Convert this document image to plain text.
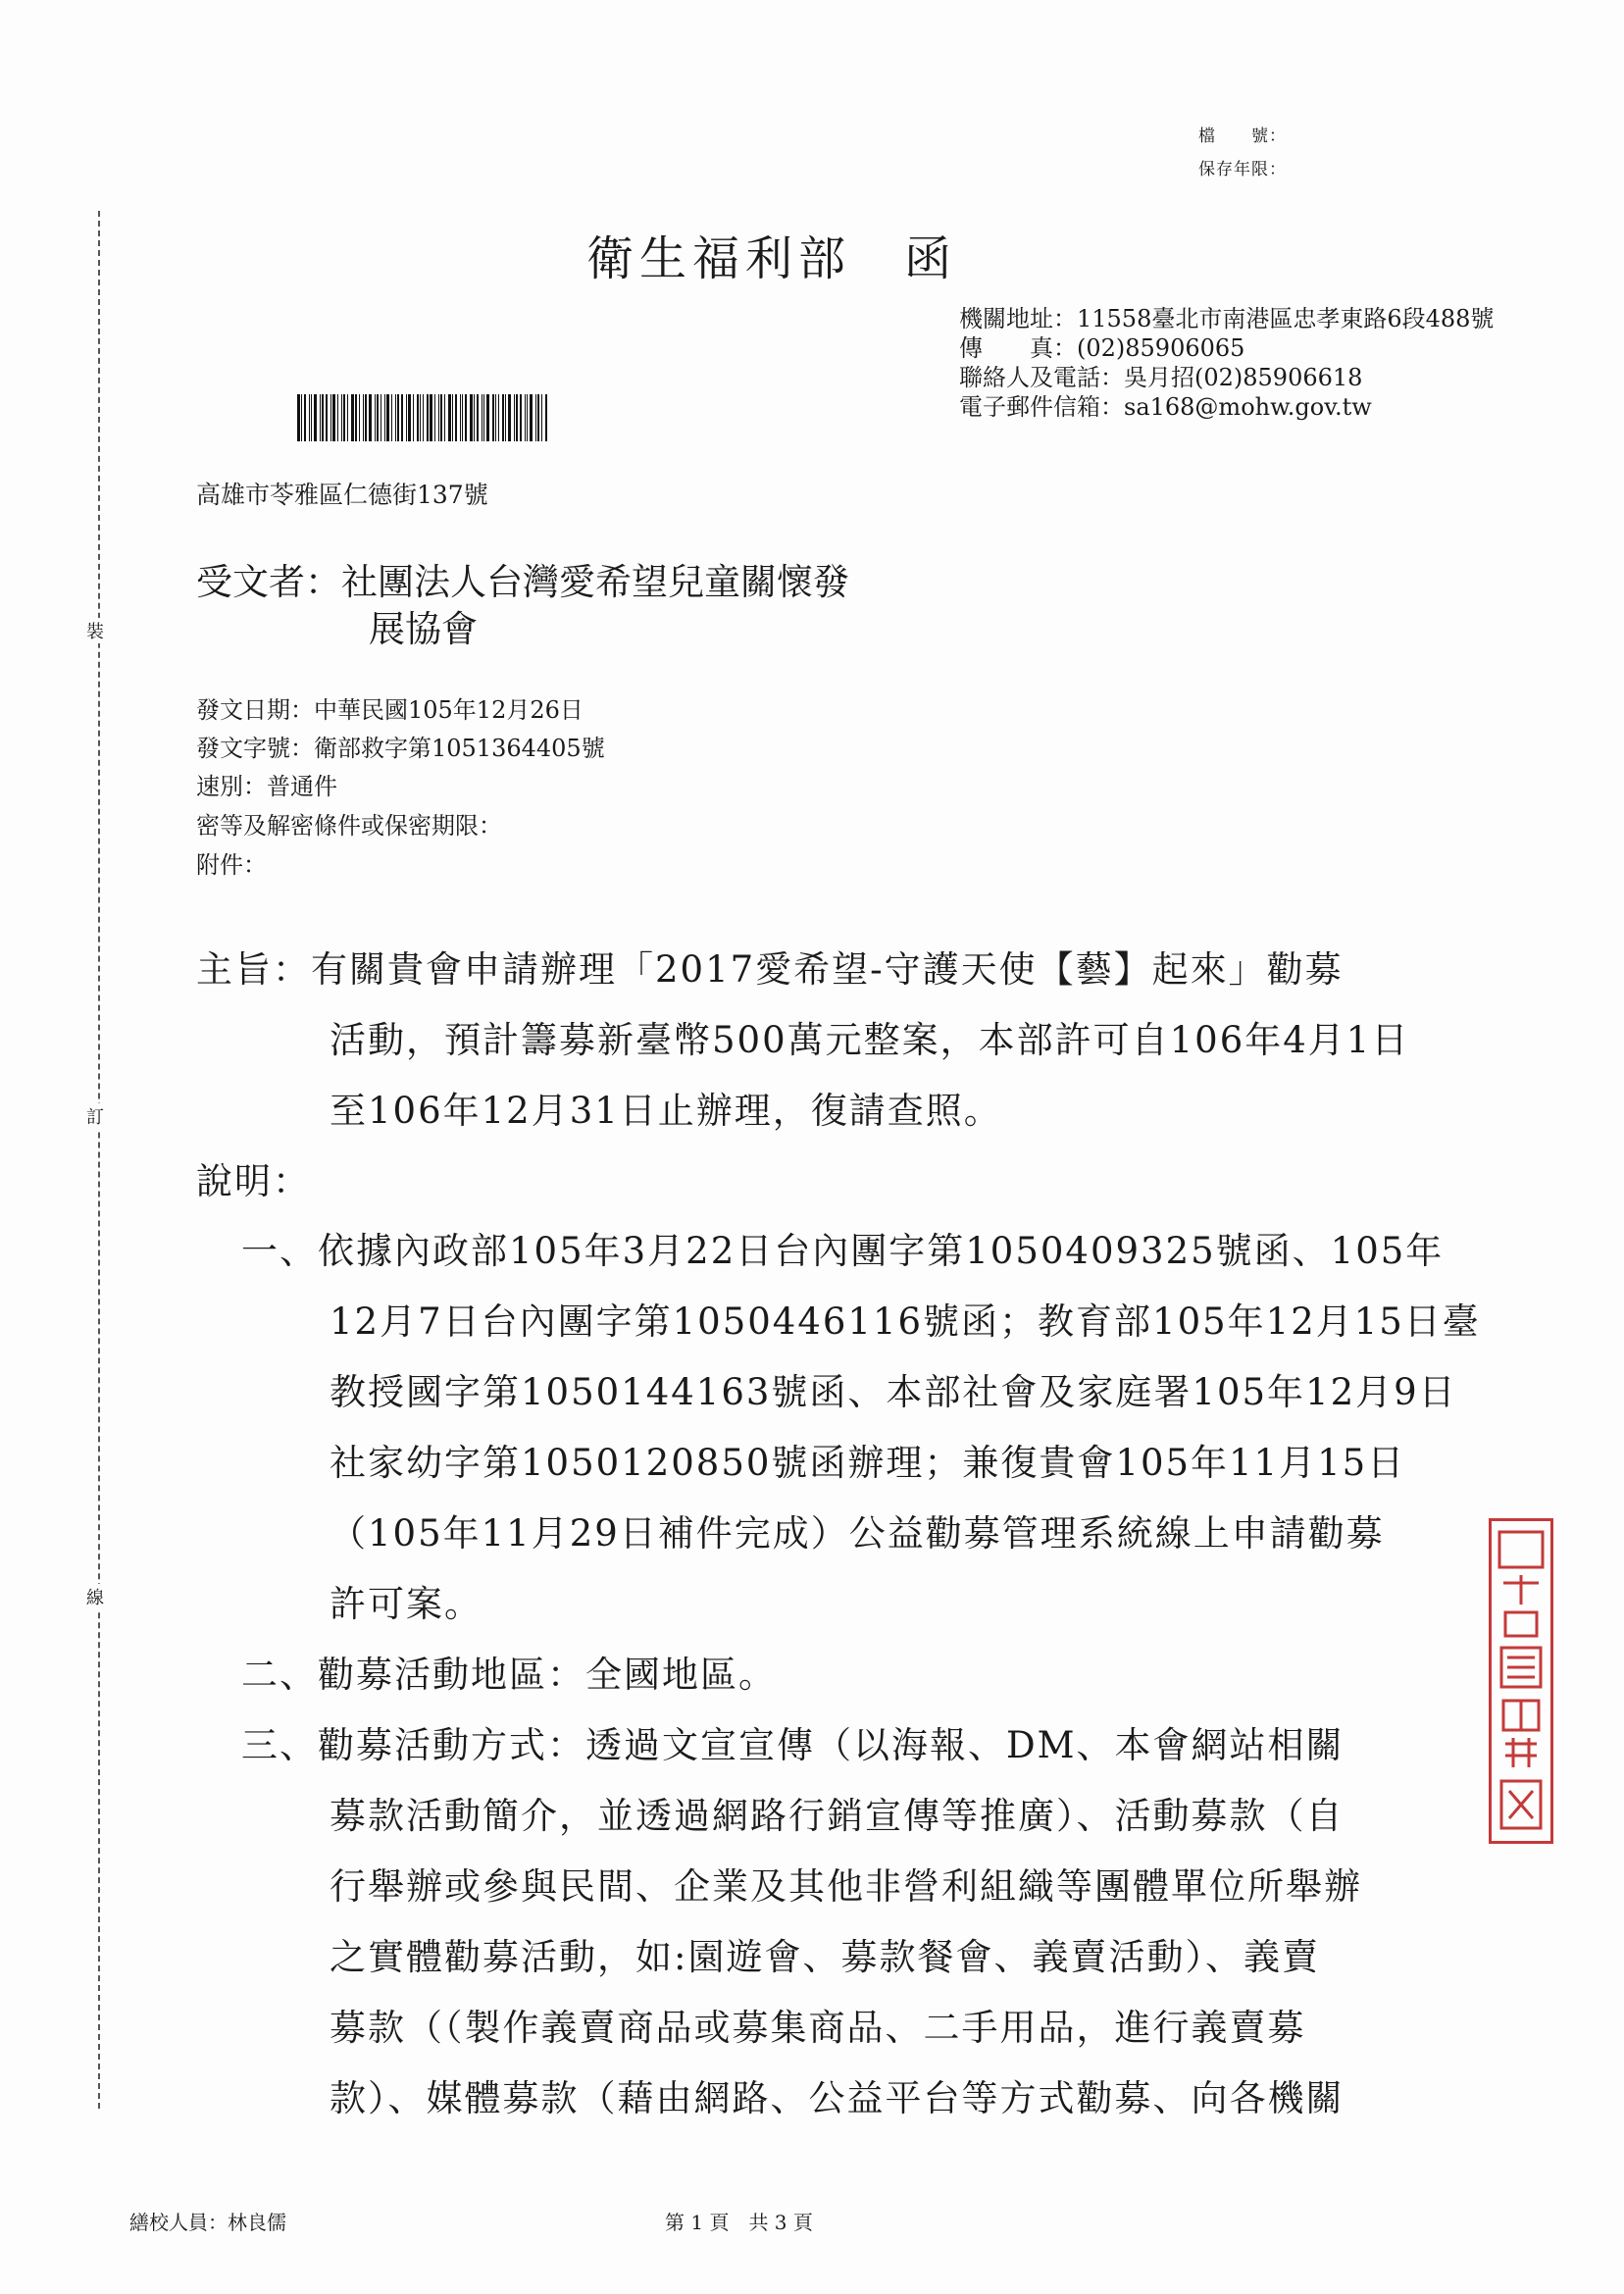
裝
訂
線
檔　　號：
保存年限：
衛生福利部　函
機關地址：11558臺北市南港區忠孝東路6段488號
傳　　真：(02)85906065
聯絡人及電話：吳月招(02)85906618
電子郵件信箱：sa168@mohw.gov.tw
高雄市苓雅區仁德街137號
受文者：社團法人台灣愛希望兒童關懷發
展協會
發文日期：中華民國105年12月26日
發文字號：衛部救字第1051364405號
速別：普通件
密等及解密條件或保密期限：
附件：
主旨：有關貴會申請辦理「2017愛希望-守護天使【藝】起來」勸募
活動，預計籌募新臺幣500萬元整案，本部許可自106年4月1日
至106年12月31日止辦理，復請查照。
說明：
一、依據內政部105年3月22日台內團字第1050409325號函、105年
12月7日台內團字第1050446116號函；教育部105年12月15日臺
教授國字第1050144163號函、本部社會及家庭署105年12月9日
社家幼字第1050120850號函辦理；兼復貴會105年11月15日
（105年11月29日補件完成）公益勸募管理系統線上申請勸募
許可案。
二、勸募活動地區：全國地區。
三、勸募活動方式：透過文宣宣傳（以海報、DM、本會網站相關
募款活動簡介，並透過網路行銷宣傳等推廣）、活動募款（自
行舉辦或參與民間、企業及其他非營利組織等團體單位所舉辦
之實體勸募活動，如:園遊會、募款餐會、義賣活動）、義賣
募款（（製作義賣商品或募集商品、二手用品，進行義賣募
款）、媒體募款（藉由網路、公益平台等方式勸募、向各機關
繕校人員：林良儒	第 1 頁　共 3 頁
